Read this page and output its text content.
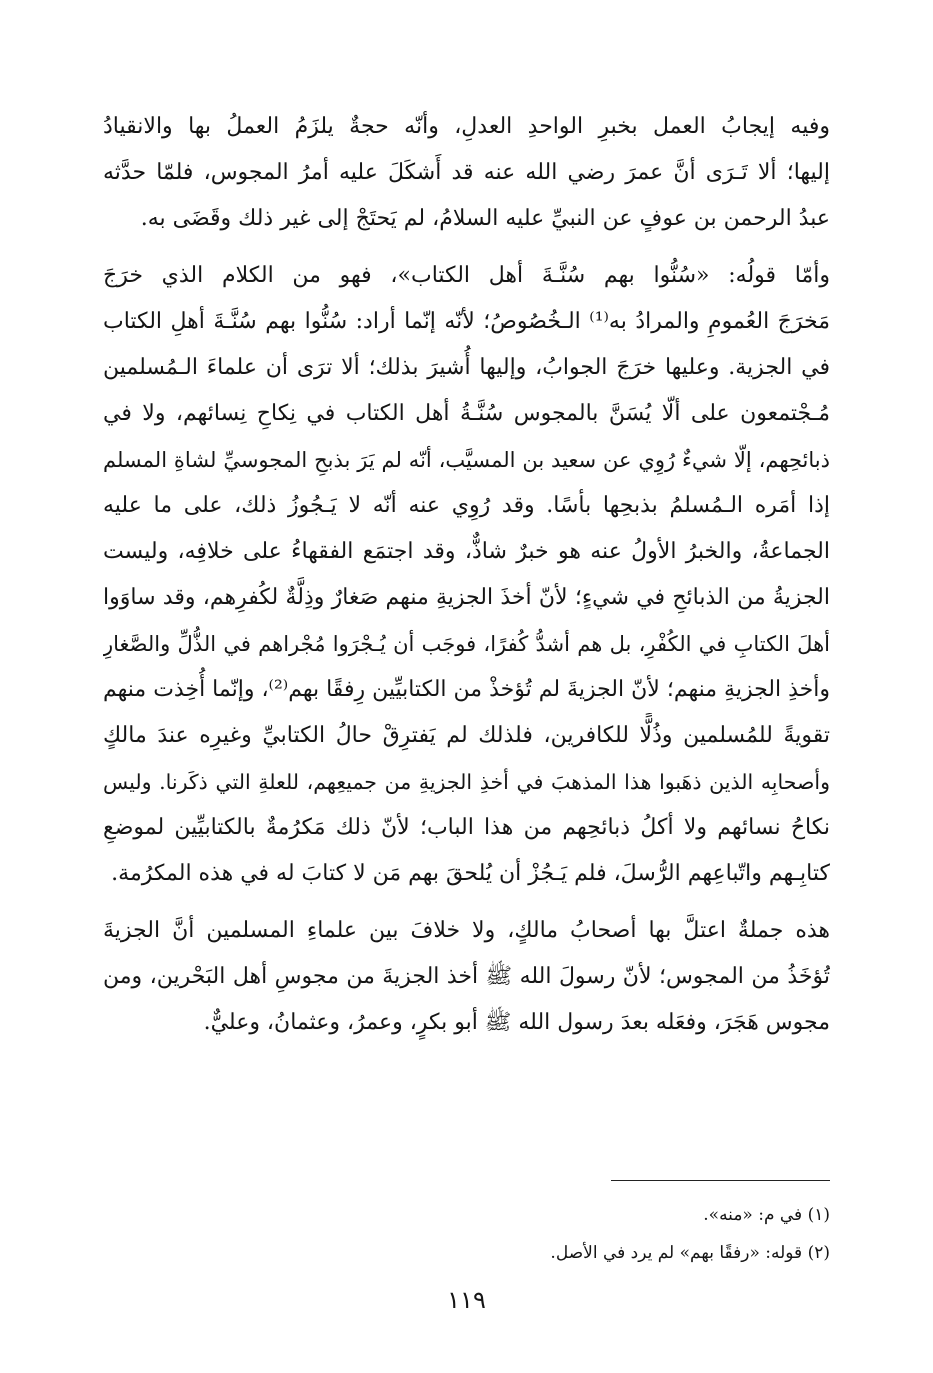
وفيه إيجابُ العمل بخبرِ الواحدِ العدلِ، وأنّه حجةٌ يلزَمُ العملُ بها والانقيادُ
إليها؛ ألا تَـرَى أنَّ عمرَ رضي الله عنه قد أَشكَلَ عليه أمرُ المجوس، فلمّا حدَّثه
عبدُ الرحمن بن عوفٍ عن النبيِّ عليه السلامُ، لم يَحتَجْ إلى غير ذلك وقَضَى به.
وأمّا قولُه: «سُنُّوا بهم سُنَّـةَ أهل الكتاب»، فهو من الكلام الذي خرَجَ
مَخرَجَ العُمومِ والمرادُ به⁽¹⁾ الـخُصُوصُ؛ لأنّه إنّما أراد: سُنُّوا بهم سُنَّـةَ أهلِ الكتاب
في الجزية. وعليها خرَجَ الجوابُ، وإليها أُشيرَ بذلك؛ ألا ترَى أن علماءَ الـمُسلمين
مُـجْتمعون على ألّا يُسَنَّ بالمجوس سُنَّـةُ أهل الكتاب في نِكاحِ نِسائهم، ولا في
ذبائحِهم، إلّا شيءٌ رُوِي عن سعيد بن المسيَّب، أنّه لم يَرَ بذبحِ المجوسيِّ لشاةِ المسلم
إذا أمَره الـمُسلمُ بذبحِها بأسًا. وقد رُوِي عنه أنّه لا يَـجُوزُ ذلك، على ما عليه
الجماعةُ، والخبرُ الأولُ عنه هو خبرٌ شاذٌّ، وقد اجتمَع الفقهاءُ على خلافِه، وليست
الجزيةُ من الذبائحِ في شيءٍ؛ لأنّ أخذَ الجزيةِ منهم صَغارٌ وذِلَّةٌ لكُفرِهم، وقد ساوَوا
أهلَ الكتابِ في الكُفْرِ، بل هم أشدُّ كُفرًا، فوجَب أن يُـجْرَوا مُجْراهم في الذُّلِّ والصَّغارِ
وأخذِ الجزيةِ منهم؛ لأنّ الجزيةَ لم تُؤخذْ من الكتابيِّين رِفقًا بهم⁽²⁾، وإنّما أُخِذت منهم
تقويةً للمُسلمين وذُلًّا للكافرين، فلذلك لم يَفترِقْ حالُ الكتابيِّ وغيرِه عندَ مالكٍ
وأصحابِه الذين ذهَبوا هذا المذهبَ في أخذِ الجزيةِ من جميعِهم، للعلةِ التي ذكَرنا. وليس
نكاحُ نسائهم ولا أكلُ ذبائحِهم من هذا الباب؛ لأنّ ذلك مَكرُمةٌ بالكتابيِّين لموضعِ
كتابِـهم واتّباعِهم الرُّسلَ، فلم يَـجُزْ أن يُلحقَ بهم مَن لا كتابَ له في هذه المكرُمة.
هذه جملةٌ اعتلَّ بها أصحابُ مالكٍ، ولا خلافَ بين علماءِ المسلمين أنَّ الجزيةَ
تُؤخَذُ من المجوس؛ لأنّ رسولَ الله ﷺ أخذ الجزيةَ من مجوسِ أهل البَحْرين، ومن
مجوس هَجَرَ، وفعَله بعدَ رسول الله ﷺ أبو بكرٍ، وعمرُ، وعثمانُ، وعليٌّ.
(١) في م: «منه».
(٢) قوله: «رفقًا بهم» لم يرد في الأصل.
١١٩
